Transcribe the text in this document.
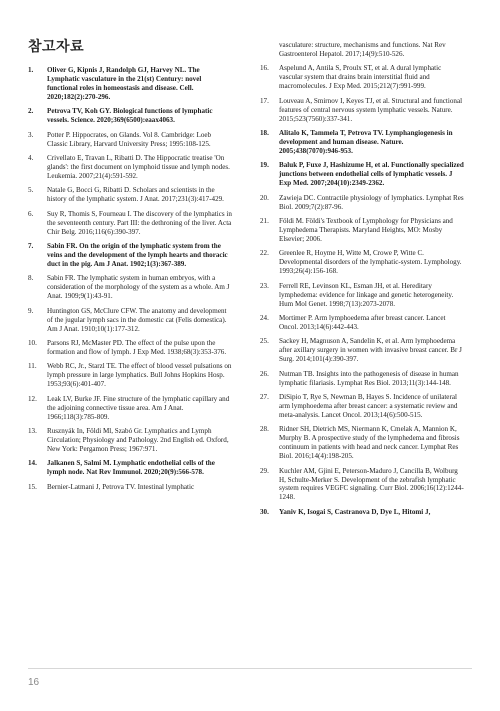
참고자료
1.	Oliver G, Kipnis J, Randolph GJ, Harvey NL. The Lymphatic vasculature in the 21(st) Century: novel functional roles in homeostasis and disease. Cell. 2020;182(2):270-296.
2.	Petrova TV, Koh GY. Biological functions of lymphatic vessels. Science. 2020;369(6500):eaax4063.
3.	Potter P. Hippocrates, on Glands. Vol 8. Cambridge: Loeb Classic Library, Harvard University Press; 1995:108-125.
4.	Crivellato E, Travan L, Ribatti D. The Hippocratic treatise 'On glands': the first document on lymphoid tissue and lymph nodes. Leukemia. 2007;21(4):591-592.
5.	Natale G, Bocci G, Ribatti D. Scholars and scientists in the history of the lymphatic system. J Anat. 2017;231(3):417-429.
6.	Suy R, Thomis S, Fourneau I. The discovery of the lymphatics in the seventeenth century. Part III: the dethroning of the liver. Acta Chir Belg. 2016;116(6):390-397.
7.	Sabin FR. On the origin of the lymphatic system from the veins and the development of the lymph hearts and thoracic duct in the pig. Am J Anat. 1902;1(3):367-389.
8.	Sabin FR. The lymphatic system in human embryos, with a consideration of the morphology of the system as a whole. Am J Anat. 1909;9(1):43-91.
9.	Huntington GS, McClure CFW. The anatomy and development of the jugular lymph sacs in the domestic cat (Felis domestica). Am J Anat. 1910;10(1):177-312.
10.	Parsons RJ, McMaster PD. The effect of the pulse upon the formation and flow of lymph. J Exp Med. 1938;68(3):353-376.
11.	Webb RC, Jr., Starzl TE. The effect of blood vessel pulsations on lymph pressure in large lymphatics. Bull Johns Hopkins Hosp. 1953;93(6):401-407.
12.	Leak LV, Burke JF. Fine structure of the lymphatic capillary and the adjoining connective tissue area. Am J Anat. 1966;118(3):785-809.
13.	Rusznyák In, Földi Ml, Szabó Gr. Lymphatics and Lymph Circulation; Physiology and Pathology. 2nd English ed. Oxford, New York: Pergamon Press; 1967:971.
14.	Jalkanen S, Salmi M. Lymphatic endothelial cells of the lymph node. Nat Rev Immunol. 2020;20(9):566-578.
15.	Bernier-Latmani J, Petrova TV. Intestinal lymphatic
vasculature: structure, mechanisms and functions. Nat Rev Gastroenterol Hepatol. 2017;14(9):510-526.
16.	Aspelund A, Antila S, Proulx ST, et al. A dural lymphatic vascular system that drains brain interstitial fluid and macromolecules. J Exp Med. 2015;212(7):991-999.
17.	Louveau A, Smirnov I, Keyes TJ, et al. Structural and functional features of central nervous system lymphatic vessels. Nature. 2015;523(7560):337-341.
18.	Alitalo K, Tammela T, Petrova TV. Lymphangiogenesis in development and human disease. Nature. 2005;438(7070):946-953.
19.	Baluk P, Fuxe J, Hashizume H, et al. Functionally specialized junctions between endothelial cells of lymphatic vessels. J Exp Med. 2007;204(10):2349-2362.
20.	Zawieja DC. Contractile physiology of lymphatics. Lymphat Res Biol. 2009;7(2):87-96.
21.	Földi M. Földi's Textbook of Lymphology for Physicians and Lymphedema Therapists. Maryland Heights, MO: Mosby Elsevier; 2006.
22.	Greenlee R, Hoyme H, Witte M, Crowe P, Witte C. Developmental disorders of the lymphatic-system. Lymphology. 1993;26(4):156-168.
23.	Ferrell RE, Levinson KL, Esman JH, et al. Hereditary lymphedema: evidence for linkage and genetic heterogeneity. Hum Mol Genet. 1998;7(13):2073-2078.
24.	Mortimer P. Arm lymphoedema after breast cancer. Lancet Oncol. 2013;14(6):442-443.
25.	Sackey H, Magnuson A, Sandelin K, et al. Arm lymphoedema after axillary surgery in women with invasive breast cancer. Br J Surg. 2014;101(4):390-397.
26.	Nutman TB. Insights into the pathogenesis of disease in human lymphatic filariasis. Lymphat Res Biol. 2013;11(3):144-148.
27.	DiSipio T, Rye S, Newman B, Hayes S. Incidence of unilateral arm lymphoedema after breast cancer: a systematic review and meta-analysis. Lancet Oncol. 2013;14(6):500-515.
28.	Ridner SH, Dietrich MS, Niermann K, Cmelak A, Mannion K, Murphy B. A prospective study of the lymphedema and fibrosis continuum in patients with head and neck cancer. Lymphat Res Biol. 2016;14(4):198-205.
29.	Kuchler AM, Gjini E, Peterson-Maduro J, Cancilla B, Wolburg H, Schulte-Merker S. Development of the zebrafish lymphatic system requires VEGFC signaling. Curr Biol. 2006;16(12):1244-1248.
30.	Yaniv K, Isogai S, Castranova D, Dye L, Hitomi J,
16
